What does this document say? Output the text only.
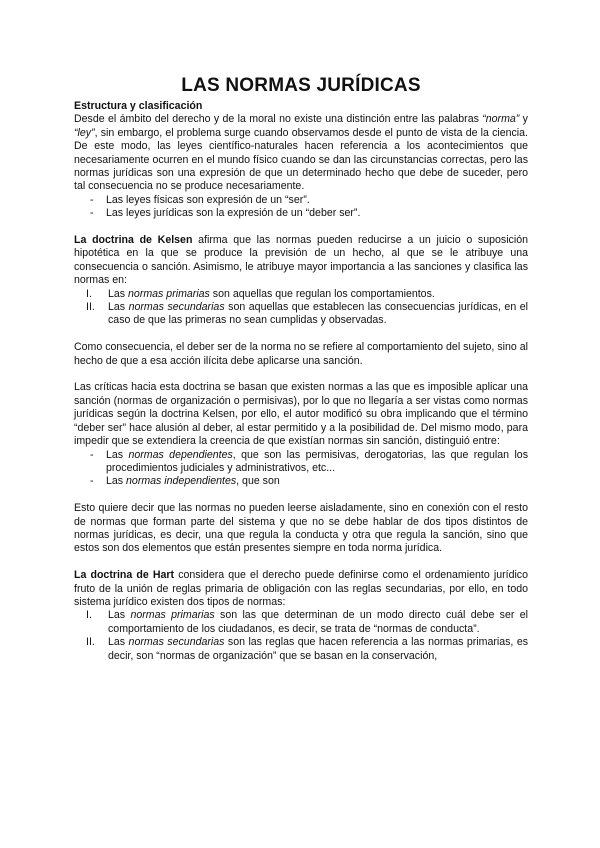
LAS NORMAS JURÍDICAS

Estructura y clasificación

Desde el ámbito del derecho y de la moral no existe una distinción entre las palabras “norma” y “ley”, sin embargo, el problema surge cuando observamos desde el punto de vista de la ciencia. De este modo, las leyes científico-naturales hacen referencia a los acontecimientos que necesariamente ocurren en el mundo físico cuando se dan las circunstancias correctas, pero las normas jurídicas son una expresión de que un determinado hecho que debe de suceder, pero tal consecuencia no se produce necesariamente.

- Las leyes físicas son expresión de un “ser”.
- Las leyes jurídicas son la expresión de un “deber ser”.

La doctrina de Kelsen afirma que las normas pueden reducirse a un juicio o suposición hipotética en la que se produce la previsión de un hecho, al que se le atribuye una consecuencia o sanción. Asimismo, le atribuye mayor importancia a las sanciones y clasifica las normas en:

I. Las normas primarias son aquellas que regulan los comportamientos.
II. Las normas secundarias son aquellas que establecen las consecuencias jurídicas, en el caso de que las primeras no sean cumplidas y observadas.

Como consecuencia, el deber ser de la norma no se refiere al comportamiento del sujeto, sino al hecho de que a esa acción ilícita debe aplicarse una sanción.

Las críticas hacia esta doctrina se basan que existen normas a las que es imposible aplicar una sanción (normas de organización o permisivas), por lo que no llegaría a ser vistas como normas jurídicas según la doctrina Kelsen, por ello, el autor modificó su obra implicando que el término “deber ser” hace alusión al deber, al estar permitido y a la posibilidad de. Del mismo modo, para impedir que se extendiera la creencia de que existían normas sin sanción, distinguió entre:

- Las normas dependientes, que son las permisivas, derogatorias, las que regulan los procedimientos judiciales y administrativos, etc...
- Las normas independientes, que son

Esto quiere decir que las normas no pueden leerse aisladamente, sino en conexión con el resto de normas que forman parte del sistema y que no se debe hablar de dos tipos distintos de normas jurídicas, es decir, una que regula la conducta y otra que regula la sanción, sino que estos son dos elementos que están presentes siempre en toda norma jurídica.

La doctrina de Hart considera que el derecho puede definirse como el ordenamiento jurídico fruto de la unión de reglas primaria de obligación con las reglas secundarias, por ello, en todo sistema jurídico existen dos tipos de normas:

I. Las normas primarias son las que determinan de un modo directo cuál debe ser el comportamiento de los ciudadanos, es decir, se trata de “normas de conducta”.
II. Las normas secundarias son las reglas que hacen referencia a las normas primarias, es decir, son “normas de organización” que se basan en la conservación,
